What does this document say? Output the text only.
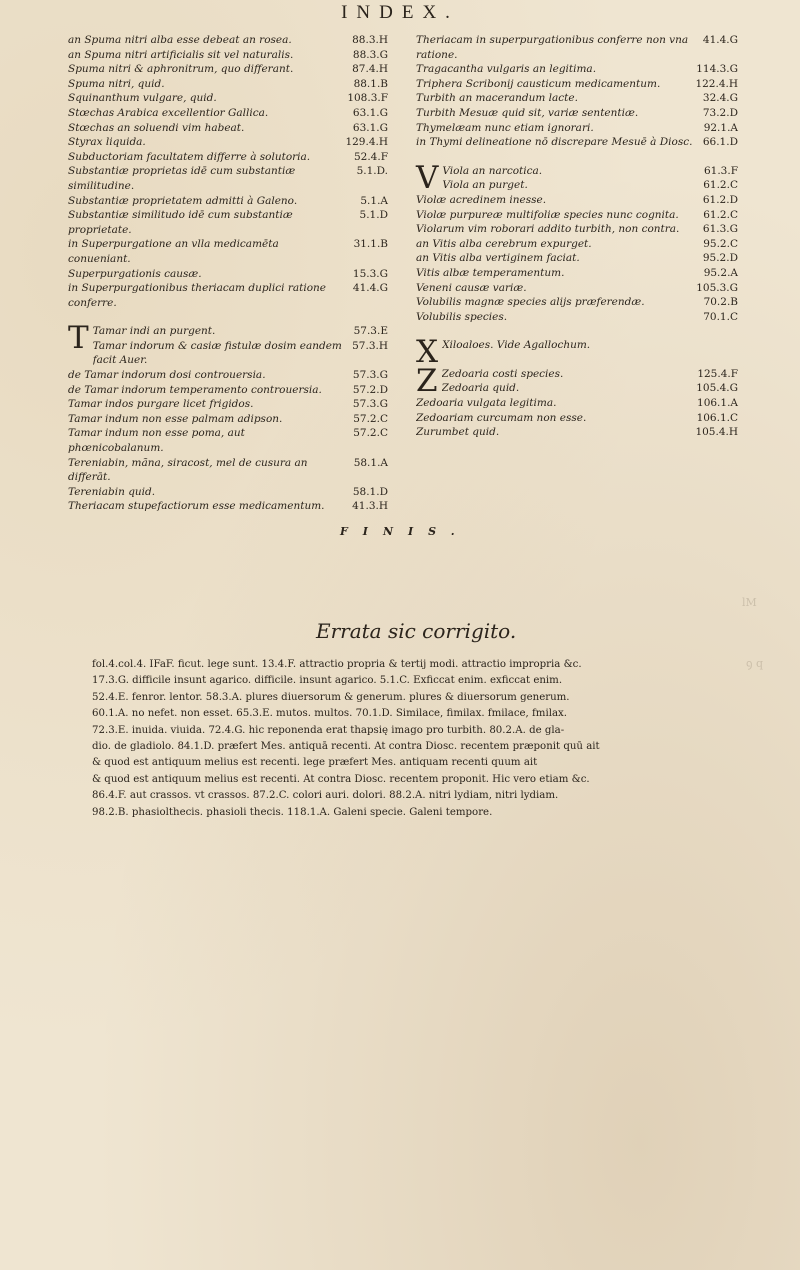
INDEX.
an Spuma nitri alba esse debeat an rosea.	88.3.H
an Spuma nitri artificialis sit vel naturalis.	88.3.G
Spuma nitri & aphronitrum, quo differant.	87.4.H
Spuma nitri, quid.	88.1.B
Squinanthum vulgare, quid.	108.3.F
Stœchas Arabica excellentior Gallica.	63.1.G
Stœchas an soluendi vim habeat.	63.1.G
Styrax liquida.	129.4.H
Subductoriam facultatem differre à solutoria.	52.4.F
Substantiæ proprietas idē cum substantiæ similitudine.
5.1.D.
Substantiæ proprietatem admitti à Galeno.	5.1.A
Substantiæ similitudo idē cum substantiæ proprietate.
5.1.D
in Superpurgatione an vlla medicamēta conueniant.
31.1.B
Superpurgationis causæ.	15.3.G
in Superpurgationibus theriacam duplici ratione conferre.
41.4.G
T Tamar indi an purgent.	57.3.E
Tamar indorum & casiæ fistulæ dosim eandem facit Auer.
57.3.H
de Tamar indorum dosi controuersia.	57.3.G
de Tamar indorum temperamento controuersia.	57.2.D
Tamar indos purgare licet frigidos.	57.3.G
Tamar indum non esse palmam adipson.	57.2.C
Tamar indum non esse poma, aut phœnicobalanum.
57.2.C
Tereniabin, mãna, siracost, mel de cusura an differāt.
58.1.A
Tereniabin quid.	58.1.D
Theriacam stupefactiorum esse medicamentum.	41.3.H
Theriacam in superpurgationibus conferre non vna ratione.
41.4.G
Tragacantha vulgaris an legitima.	114.3.G
Triphera Scribonij causticum medicamentum.	122.4.H
Turbith an macerandum lacte.	32.4.G
Turbith Mesuæ quid sit, variæ sententiæ.	73.2.D
Thymelæam nunc etiam ignorari.	92.1.A
in Thymi delineatione nō discrepare Mesuē à Diosc. 66.1.D
V Viola an narcotica.	61.3.F
Viola an purget.	61.2.C
Violæ acredinem inesse.	61.2.D
Violæ purpureæ multifoliæ species nunc cognita. 61.2.C
Violarum vim roborari addito turbith, non contra. 61.3.G
an Vitis alba cerebrum expurget.	95.2.C
an Vitis alba vertiginem faciat.	95.2.D
Vitis albæ temperamentum.	95.2.A
Veneni causæ variæ.	105.3.G
Volubilis magnæ species alijs præferendæ.	70.2.B
Volubilis species.	70.1.C
X Xiloaloes. Vide Agallochum.
Z Zedoaria costi species.	125.4.F
Zedoaria quid.	105.4.G
Zedoaria vulgata legitima.	106.1.A
Zedoariam curcumam non esse.	106.1.C
Zurumbet quid.	105.4.H
FINIS.
Errata sic corrigito.
fol.4.col.4. IFaF. ficut. lege sunt. 13.4.F. attractio propria & tertij modi. attractio impropria &c.
17.3.G. difficile insunt agarico. difficile. insunt agarico. 5.1.C. Exficcat enim. exficcat enim.
52.4.E. fenror. lentor. 58.3.A. plures diuersorum & generum. plures & diuersorum generum.
60.1.A. no nefet. non esset. 65.3.E. mutos. multos. 70.1.D. Similace, fimilax. fmilace, fmilax.
72.3.E. inuida. viuida. 72.4.G. hic reponenda erat thapsię imago pro turbith. 80.2.A. de gla-
dio. de gladiolo. 84.1.D. præfert Mes. antiquā recenti. At contra Diosc. recentem præponit quū ait
& quod est antiquum melius est recenti. lege præfert Mes. antiquam recenti quum ait
& quod est antiquum melius est recenti. At contra Diosc. recentem proponit. Hic vero etiam &c.
86.4.F. aut crassos. vt crassos. 87.2.C. colori auri. dolori. 88.2.A. nitri lydiam, nitri lydiam.
98.2.B. phasiolthecis. phasioli thecis. 118.1.A. Galeni specie. Galeni tempore.
lM
ꝯ q
